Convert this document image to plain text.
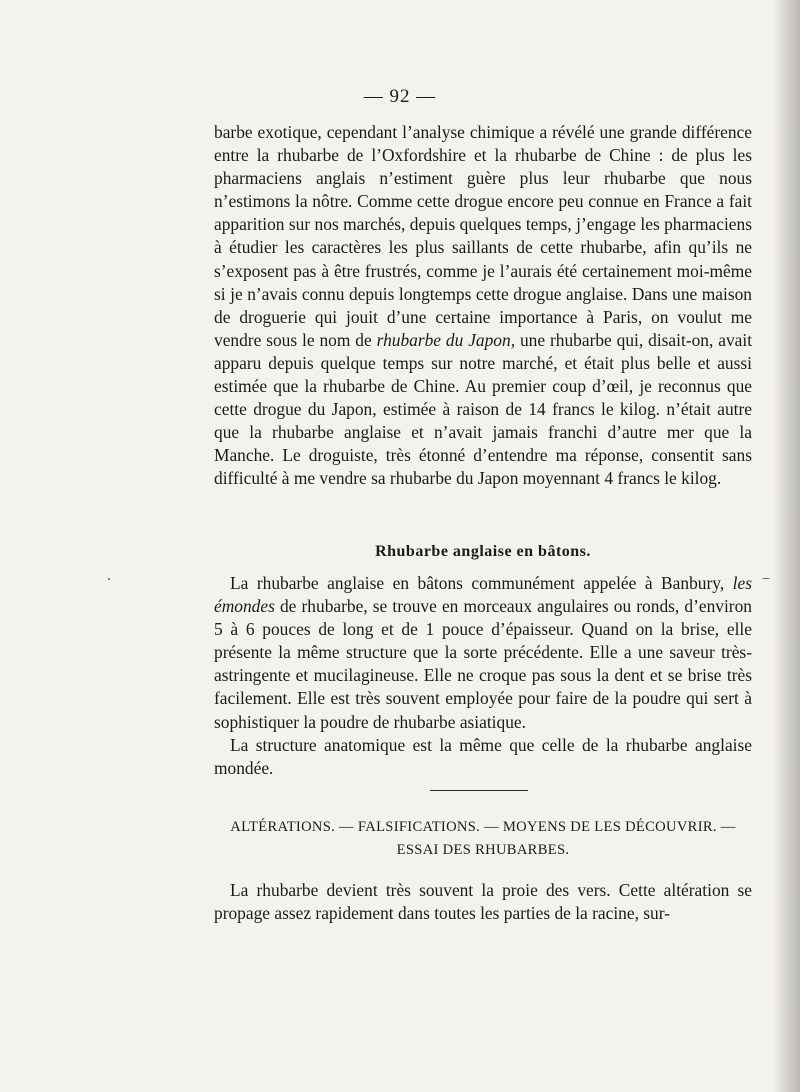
— 92 —

barbe exotique, cependant l’analyse chimique a révélé une grande différence entre la rhubarbe de l’Oxfordshire et la rhubarbe de Chine : de plus les pharmaciens anglais n’estiment guère plus leur rhubarbe que nous n’estimons la nôtre. Comme cette drogue encore peu connue en France a fait apparition sur nos marchés, depuis quelques temps, j’engage les pharmaciens à étudier les caractères les plus saillants de cette rhubarbe, afin qu’ils ne s’exposent pas à être frustrés, comme je l’aurais été certainement moi-même si je n’avais connu depuis longtemps cette drogue anglaise. Dans une maison de droguerie qui jouit d’une certaine importance à Paris, on voulut me vendre sous le nom de rhubarbe du Japon, une rhubarbe qui, disait-on, avait apparu depuis quelque temps sur notre marché, et était plus belle et aussi estimée que la rhubarbe de Chine. Au premier coup d’œil, je reconnus que cette drogue du Japon, estimée à raison de 14 francs le kilog. n’était autre que la rhubarbe anglaise et n’avait jamais franchi d’autre mer que la Manche. Le droguiste, très étonné d’entendre ma réponse, consentit sans difficulté à me vendre sa rhubarbe du Japon moyennant 4 francs le kilog.

Rhubarbe anglaise en bâtons.

La rhubarbe anglaise en bâtons communément appelée à Banbury, les émondes de rhubarbe, se trouve en morceaux angulaires ou ronds, d’environ 5 à 6 pouces de long et de 1 pouce d’épaisseur. Quand on la brise, elle présente la même structure que la sorte précédente. Elle a une saveur très- astringente et mucilagineuse. Elle ne croque pas sous la dent et se brise très facilement. Elle est très souvent employée pour faire de la poudre qui sert à sophistiquer la poudre de rhubarbe asiatique.

La structure anatomique est la même que celle de la rhubarbe anglaise mondée.

ALTÉRATIONS. — FALSIFICATIONS. — MOYENS DE LES DÉCOUVRIR. —
ESSAI DES RHUBARBES.

La rhubarbe devient très souvent la proie des vers. Cette altération se propage assez rapidement dans toutes les parties de la racine, sur-
